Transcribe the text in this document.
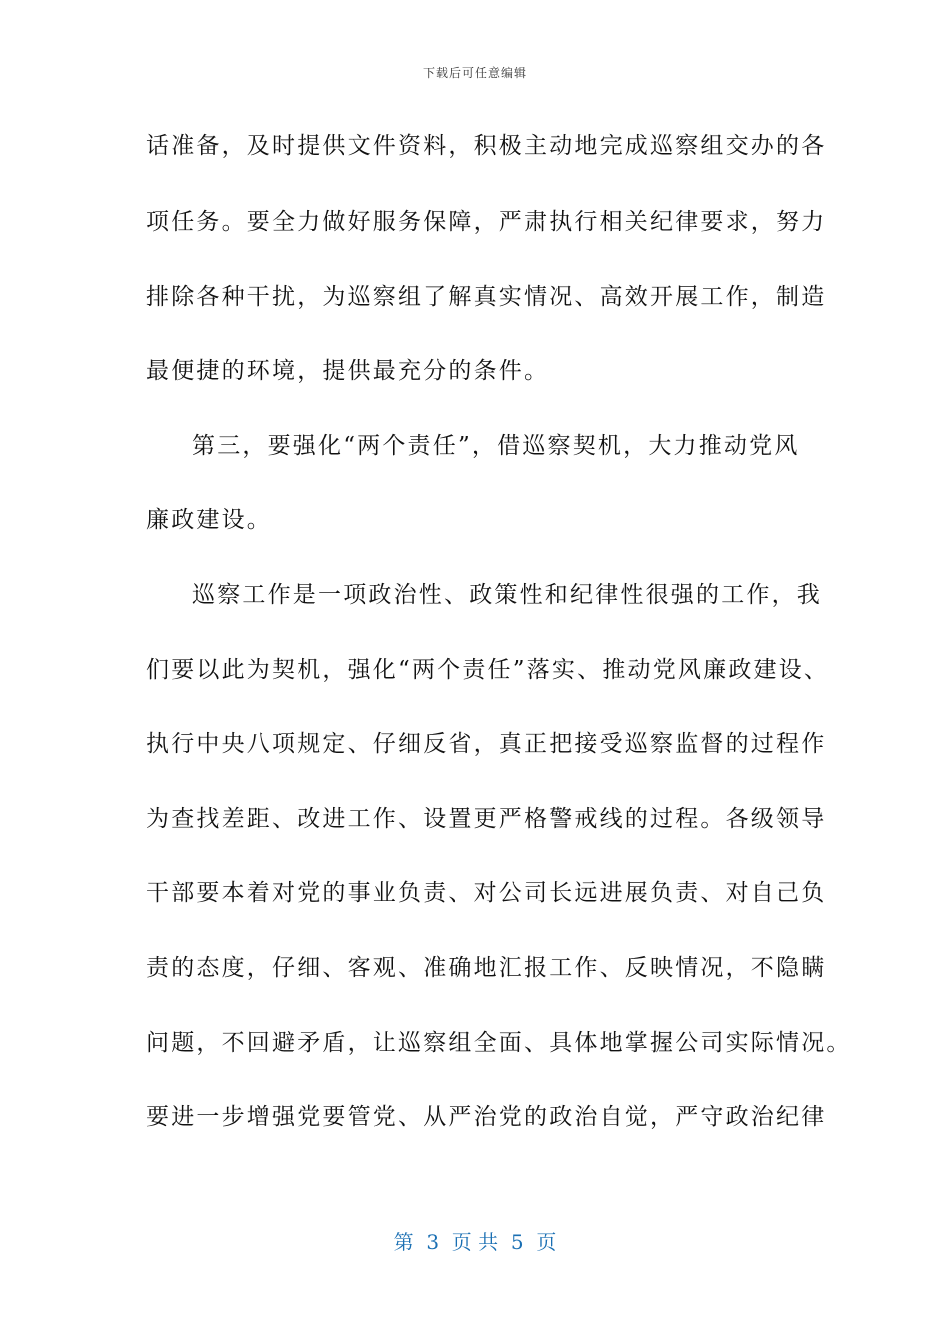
下载后可任意编辑
话准备，及时提供文件资料，积极主动地完成巡察组交办的各
项任务。要全力做好服务保障，严肃执行相关纪律要求，努力
排除各种干扰，为巡察组了解真实情况、高效开展工作，制造
最便捷的环境，提供最充分的条件。
第三，要强化“两个责任”，借巡察契机，大力推动党风
廉政建设。
巡察工作是一项政治性、政策性和纪律性很强的工作，我
们要以此为契机，强化“两个责任”落实、推动党风廉政建设、
执行中央八项规定、仔细反省，真正把接受巡察监督的过程作
为查找差距、改进工作、设置更严格警戒线的过程。各级领导
干部要本着对党的事业负责、对公司长远进展负责、对自己负
责的态度，仔细、客观、准确地汇报工作、反映情况，不隐瞒
问题，不回避矛盾，让巡察组全面、具体地掌握公司实际情况。
要进一步增强党要管党、从严治党的政治自觉，严守政治纪律
第  3  页 共  5  页
